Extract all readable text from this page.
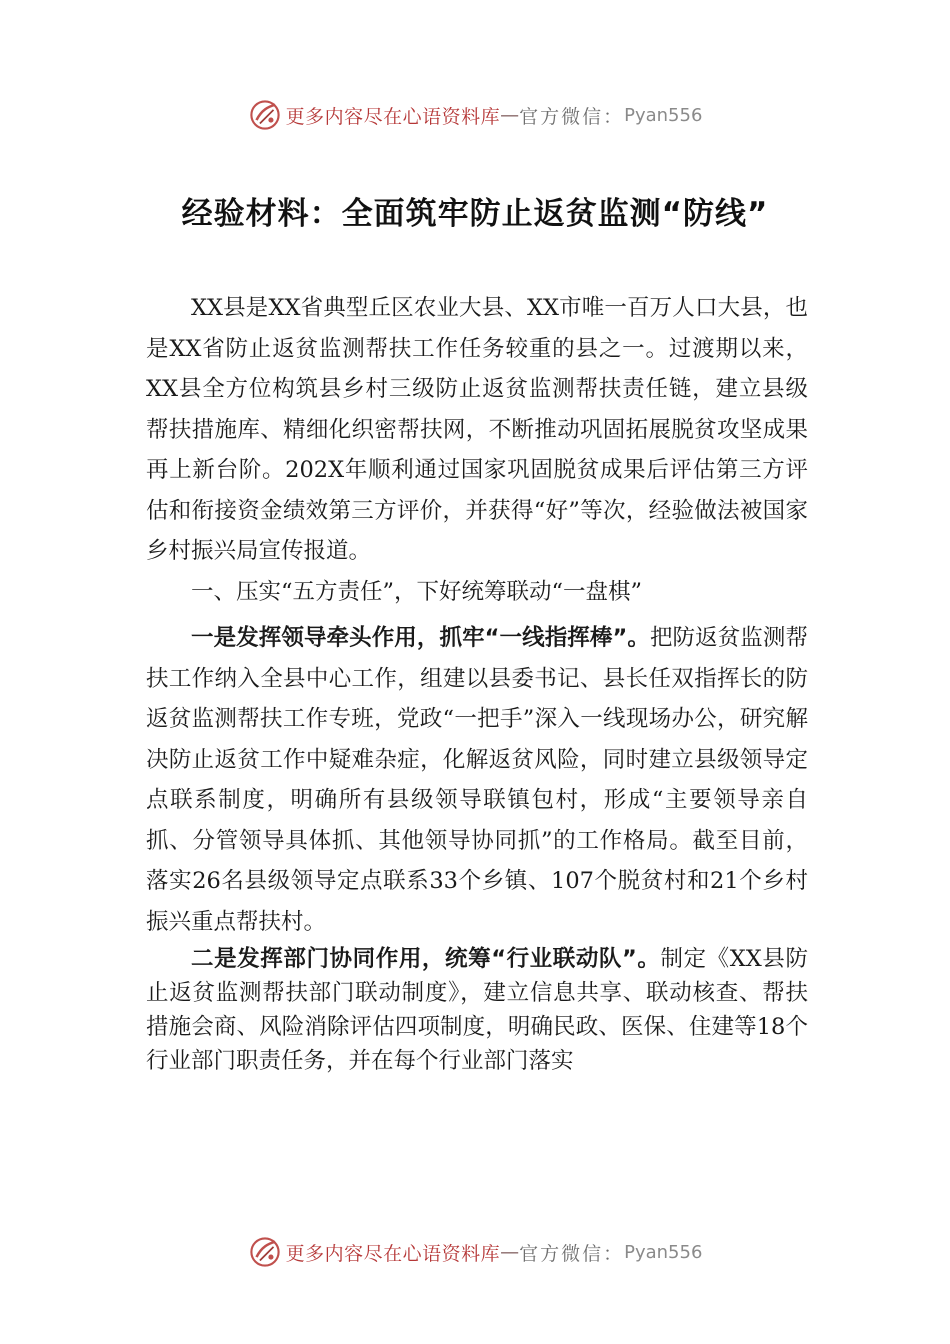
更多内容尽在心语资料库 — 官方微信： Pyan556
经验材料：全面筑牢防止返贫监测“防线”

XX县是XX省典型丘区农业大县、XX市唯一百万人口大县，也是XX省防止返贫监测帮扶工作任务较重的县之一。过渡期以来，XX县全方位构筑县乡村三级防止返贫监测帮扶责任链，建立县级帮扶措施库、精细化织密帮扶网，不断推动巩固拓展脱贫攻坚成果再上新台阶。202X年顺利通过国家巩固脱贫成果后评估第三方评估和衔接资金绩效第三方评价，并获得“好”等次，经验做法被国家乡村振兴局宣传报道。

一、压实“五方责任”，下好统筹联动“一盘棋”

一是发挥领导牵头作用，抓牢“一线指挥棒”。把防返贫监测帮扶工作纳入全县中心工作，组建以县委书记、县长任双指挥长的防返贫监测帮扶工作专班，党政“一把手”深入一线现场办公，研究解决防止返贫工作中疑难杂症，化解返贫风险，同时建立县级领导定点联系制度，明确所有县级领导联镇包村，形成“主要领导亲自抓、分管领导具体抓、其他领导协同抓”的工作格局。截至目前，落实26名县级领导定点联系33个乡镇、107个脱贫村和21个乡村振兴重点帮扶村。

二是发挥部门协同作用，统筹“行业联动队”。制定《XX县防止返贫监测帮扶部门联动制度》，建立信息共享、联动核查、帮扶措施会商、风险消除评估四项制度，明确民政、医保、住建等18个行业部门职责任务，并在每个行业部门落实

更多内容尽在心语资料库 — 官方微信： Pyan556
